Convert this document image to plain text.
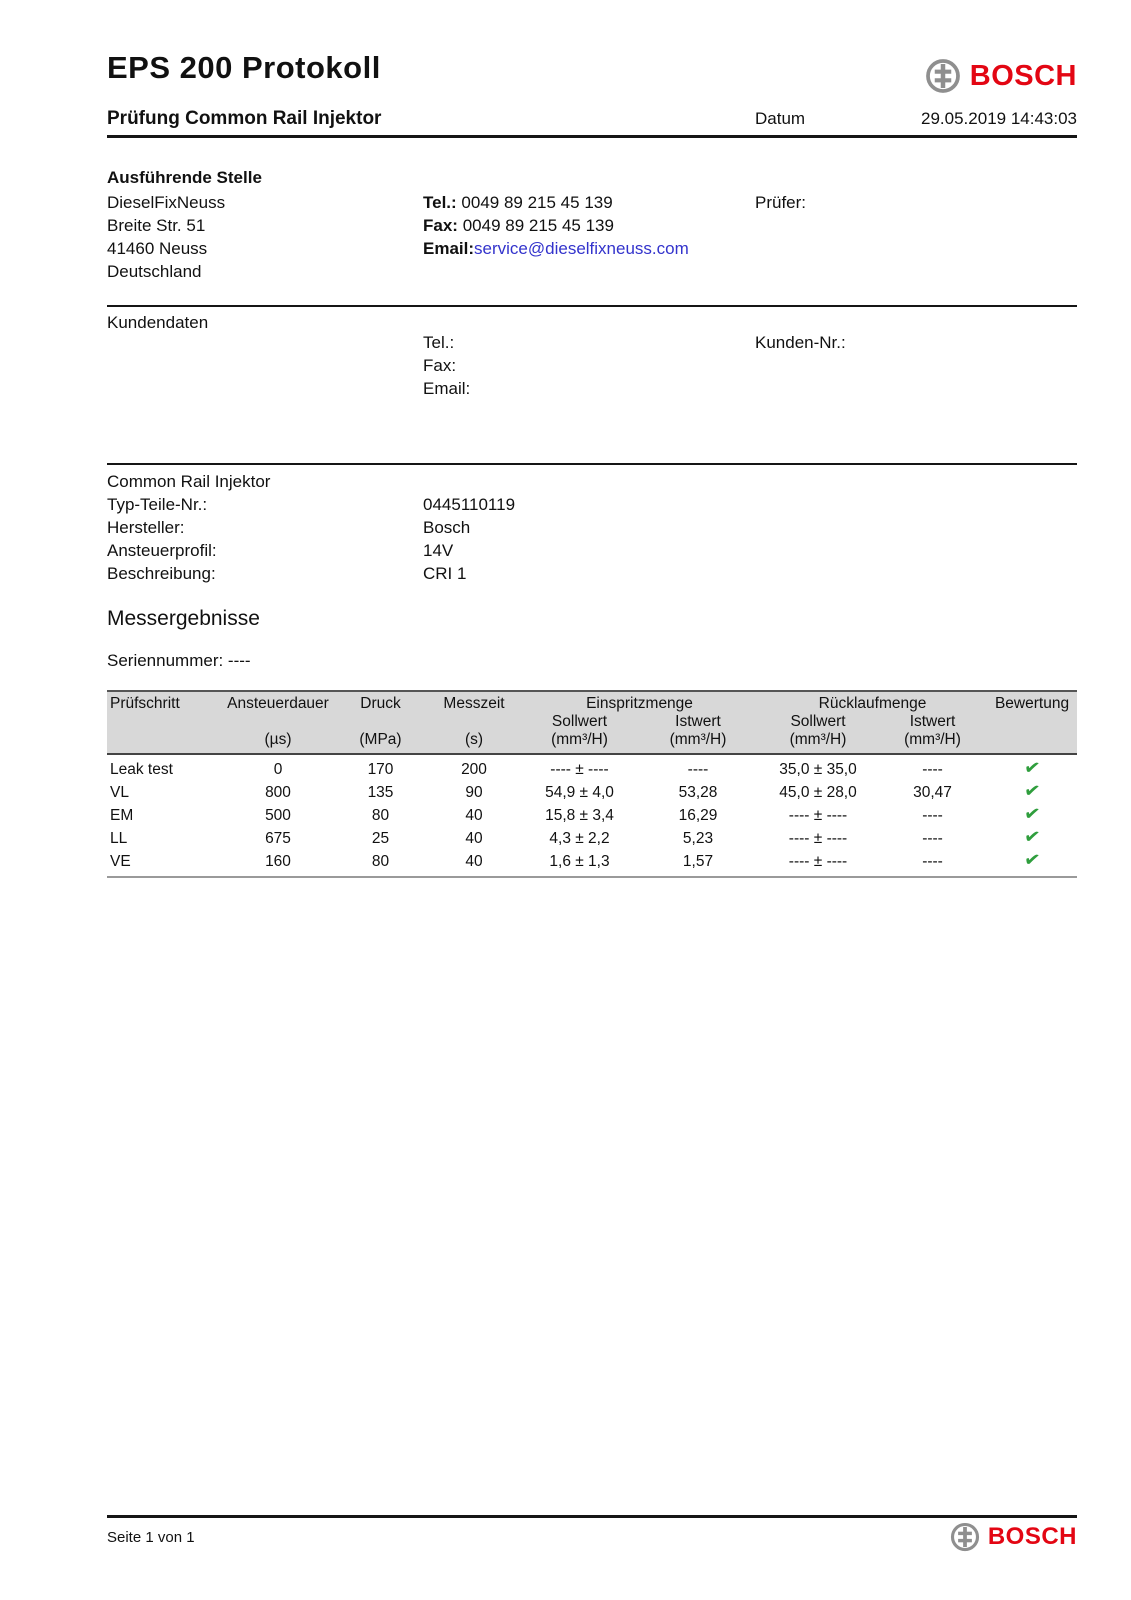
EPS 200 Protokoll	BOSCH
Prüfung Common Rail Injektor	Datum	29.05.2019 14:43:03
Ausführende Stelle
DieselFixNeuss
Breite Str. 51
41460 Neuss
Deutschland
Tel.: 0049 89 215 45 139
Fax: 0049 89 215 45 139
Email:service@dieselfixneuss.com
Prüfer:
Kundendaten
Tel.:
Fax:
Email:
Kunden-Nr.:
Common Rail Injektor
Typ-Teile-Nr.:	0445110119
Hersteller:	Bosch
Ansteuerprofil:	14V
Beschreibung:	CRI 1
Messergebnisse
Seriennummer: ----
Prüfschritt	Ansteuerdauer	Druck	Messzeit	Einspritzmenge		Rücklaufmenge		Bewertung
				Sollwert	Istwert	Sollwert	Istwert	
	(µs)	(MPa)	(s)	(mm³/H)	(mm³/H)	(mm³/H)	(mm³/H)	
Leak test	0	170	200	---- ± ----	----	35,0 ± 35,0	----	✔
VL	800	135	90	54,9 ± 4,0	53,28	45,0 ± 28,0	30,47	✔
EM	500	80	40	15,8 ± 3,4	16,29	---- ± ----	----	✔
LL	675	25	40	4,3 ± 2,2	5,23	---- ± ----	----	✔
VE	160	80	40	1,6 ± 1,3	1,57	---- ± ----	----	✔
Seite 1 von 1	BOSCH
